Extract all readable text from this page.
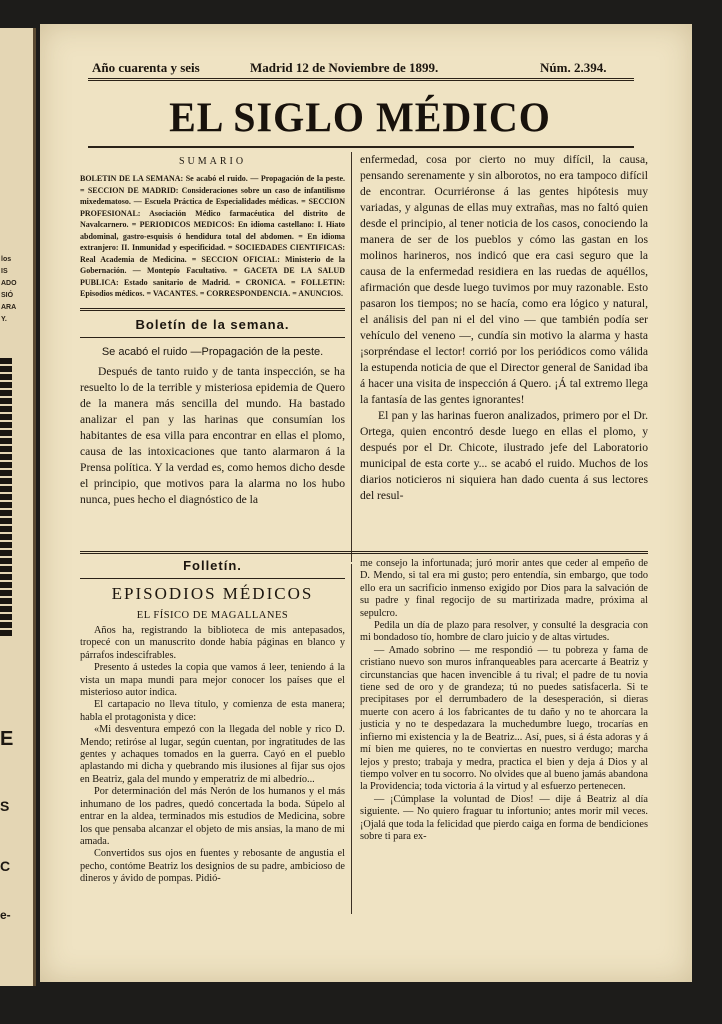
los
IS
ADO
SIÓ
ARA
Y.
E
S
C
e-
Año cuarenta y seis	Madrid 12 de Noviembre de 1899.	Núm. 2.394.
EL SIGLO MÉDICO
SUMARIO
BOLETIN DE LA SEMANA: Se acabó el ruido. — Propagación de la peste. = SECCION DE MADRID: Consideraciones sobre un caso de infantilismo mixedematoso. — Escuela Práctica de Especialidades médicas. = SECCION PROFESIONAL: Asociación Médico farmacéutica del distrito de Navalcarnero. = PERIODICOS MEDICOS: En idioma castellano: I. Hiato abdominal, gastro-esquisis ó hendidura total del abdomen. = En idioma extranjero: II. Inmunidad y especificidad. = SOCIEDADES CIENTIFICAS: Real Academia de Medicina. = SECCION OFICIAL: Ministerio de la Gobernación. — Montepío Facultativo. = GACETA DE LA SALUD PUBLICA: Estado sanitario de Madrid. = CRONICA. = FOLLETIN: Episodios médicos. = VACANTES. = CORRESPONDENCIA. = ANUNCIOS.
Boletín de la semana.
Se acabó el ruido —Propagación de la peste.

Después de tanto ruido y de tanta inspección, se ha resuelto lo de la terrible y misteriosa epidemia de Quero de la manera más sencilla del mundo. Ha bastado analizar el pan y las harinas que consumían los habitantes de esa villa para encontrar en ellas el plomo, causa de las intoxicaciones que tanto alarmaron á la Prensa política. Y la verdad es, como hemos dicho desde el principio, que motivos para la alarma no los hubo nunca, pues hecho el diagnóstico de la

enfermedad, cosa por cierto no muy difícil, la causa, pensando serenamente y sin alborotos, no era tampoco difícil de encontrar. Ocurriéronse á las gentes hipótesis muy variadas, y algunas de ellas muy extrañas, mas no faltó quien desde el principio, al tener noticia de los casos, conociendo la manera de ser de los pueblos y cómo las gastan en los molinos harineros, nos indicó que era casi seguro que la causa de la enfermedad residiera en las ruedas de aquéllos, afirmación que desde luego tuvimos por muy razonable. Esto pasaron los tiempos; no se hacía, como era lógico y natural, el análisis del pan ni el del vino — que también podía ser vehículo del veneno —, cundía sin motivo la alarma y hasta ¡sorpréndase el lector! corrió por los periódicos como válida la estupenda noticia de que el Director general de Sanidad iba á hacer una visita de inspección á Quero. ¡Á tal extremo llega la fantasía de las gentes ignorantes!

El pan y las harinas fueron analizados, primero por el Dr. Ortega, quien encontró desde luego en ellas el plomo, y después por el Dr. Chicote, ilustrado jefe del Laboratorio municipal de esta corte y... se acabó el ruido. Muchos de los diarios noticieros ni siquiera han dado cuenta á sus lectores del resul-

Folletín.
EPISODIOS MÉDICOS
EL FÍSICO DE MAGALLANES

Años ha, registrando la biblioteca de mis antepasados, tropecé con un manuscrito donde había páginas en blanco y párrafos indescifrables.

Presento á ustedes la copia que vamos á leer, teniendo á la vista un mapa mundi para mejor conocer los países que el misterioso autor indica.

El cartapacio no lleva título, y comienza de esta manera; habla el protagonista y dice:

«Mi desventura empezó con la llegada del noble y rico D. Mendo; retiróse al lugar, según cuentan, por ingratitudes de las gentes y achaques tomados en la guerra. Cayó en el pueblo aplastando mi dicha y quebrando mis ilusiones al fijar sus ojos en Beatriz, gala del mundo y emperatriz de mi albedrío...

Por determinación del más Nerón de los humanos y el más inhumano de los padres, quedó concertada la boda. Súpelo al entrar en la aldea, terminados mis estudios de Medicina, sobre los que pensaba alcanzar el objeto de mis ansias, la mano de mi amada.

Convertidos sus ojos en fuentes y rebosante de angustia el pecho, contóme Beatriz los designios de su padre, ambicioso de dineros y ávido de pompas. Pidió-

me consejo la infortunada; juró morir antes que ceder al empeño de D. Mendo, si tal era mi gusto; pero entendía, sin embargo, que todo ello era un sacrificio inmenso exigido por Dios para la salvación de su padre y final regocijo de su martirizada madre, próxima al sepulcro.

Pedila un día de plazo para resolver, y consulté la desgracia con mi bondadoso tío, hombre de claro juicio y de altas virtudes.

— Amado sobrino — me respondió — tu pobreza y fama de cristiano nuevo son muros infranqueables para acercarte á Beatriz y circunstancias que hacen invencible á tu rival; el padre de tu novia tiene sed de oro y de grandeza; tú no puedes satisfacerla. Si te precipitases por el derrumbadero de la desesperación, si dieras muerte con acero á los fabricantes de tu daño y no te ahorcara la justicia y no te despedazara la muchedumbre luego, trocarías en infierno mi existencia y la de Beatriz... Así, pues, si á ésta adoras y á mí bien me quieres, no te conviertas en nuestro verdugo; marcha lejos y presto; trabaja y medra, practica el bien y deja á Dios y al tiempo volver en tu socorro. No olvides que al bueno jamás abandona la Providencia; toda victoria á la virtud y al esfuerzo pertenecen.

— ¡Cúmplase la voluntad de Dios! — dije á Beatriz al día siguiente. — No quiero fraguar tu infortunio; antes morir mil veces. ¡Ojalá que toda la felicidad que pierdo caiga en forma de bendiciones sobre ti para ex-
